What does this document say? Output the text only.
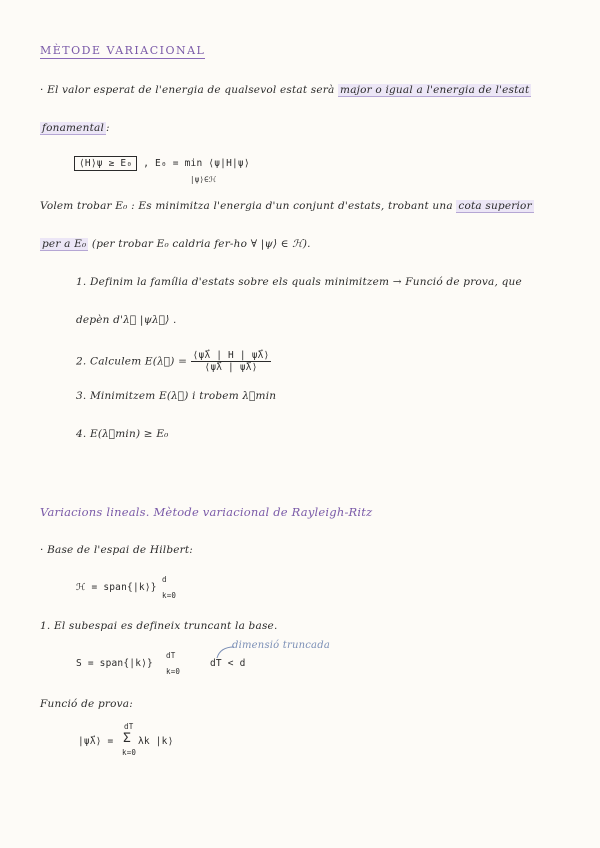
MÈTODE VARIACIONAL
· El valor esperat de l'energia de qualsevol estat serà major o igual a l'energia de l'estat
fonamental :
⟨H⟩ψ ≥ E₀ , E₀ = min ⟨ψ|H|ψ⟩
|ψ⟩∈ℋ
Volem trobar E₀ : Es minimitza l'energia d'un conjunt d'estats, trobant una cota superior
per a E₀ (per trobar E₀ caldria fer-ho ∀ |ψ⟩ ∈ ℋ).
1. Definim la família d'estats sobre els quals minimitzem → Funció de prova, que
depèn d'λ⃗ |ψλ⃗⟩ .
2. Calculem E(λ⃗) = $\frac{⟨\psi\lambda⃗ | H | \psi\lambda⃗⟩}{⟨\psi\lambda⃗ | \psi\lambda⃗⟩}$
3. Minimitzem E(λ⃗) i trobem λ⃗min
4. E(λ⃗min) ≥ E₀
Variacions lineals. Mètode variacional de Rayleigh-Ritz
· Base de l'espai de Hilbert:
ℋ = span{|k⟩}
d
k=0
1. El subespai es defineix truncant la base.
dimensió truncada
S = span{|k⟩}
dT
k=0
dT < d
Funció de prova:
|ψλ⃗⟩ =
dT
Σ
k=0
λk |k⟩
